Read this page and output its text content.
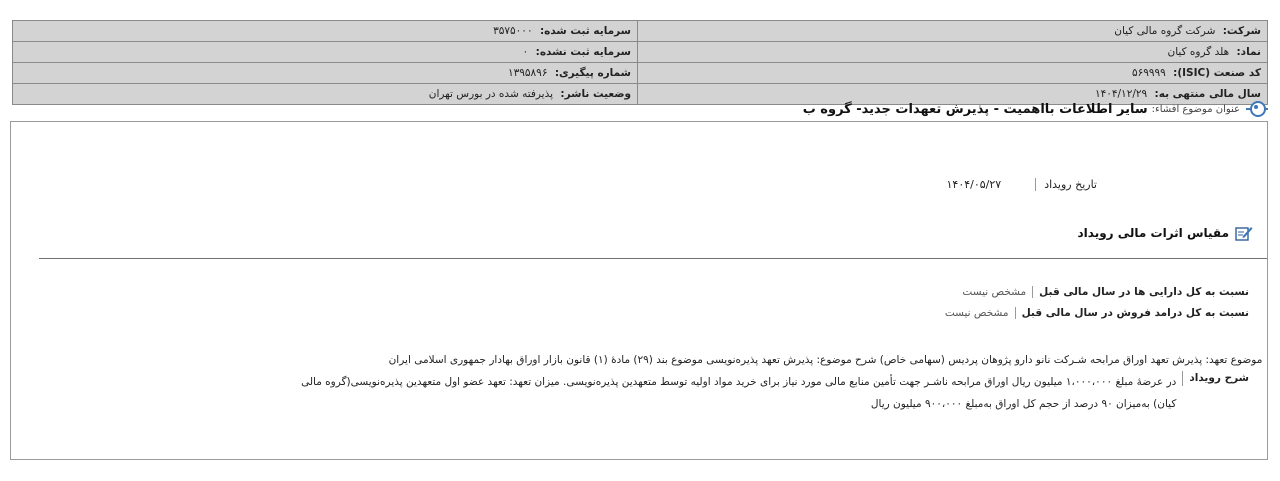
شرکت: شرکت گروه مالی کیان	سرمایه ثبت شده: ۳۵۷۵۰۰۰
نماد: هلد گروه کیان	سرمایه ثبت نشده: ۰
کد صنعت (ISIC): ۵۶۹۹۹۹	شماره پیگیری: ۱۳۹۵۸۹۶
سال مالی منتهی به: ۱۴۰۴/۱۲/۲۹	وضعیت ناشر: پذیرفته شده در بورس تهران
عنوان موضوع افشاء:
سایر اطلاعات بااهمیت - پذیرش تعهدات جدید- گروه ب
تاریخ رویداد
۱۴۰۴/۰۵/۲۷
مقیاس اثرات مالی رویداد
نسبت به کل دارایی ها در سال مالی قبل
مشخص نیست
نسبت به کل درامد فروش در سال مالی قبل
مشخص نیست
شرح رویداد
موضوع تعهد: پذیرش تعهد اوراق مرابحه شـرکت نانو دارو پژوهان پردیس (سهامی خاص) شرح موضوع: پذیرش تعهد پذیره‌نویسی موضوع بند (۲۹) مادهٔ (۱) قانون بازار اوراق بهادار جمهوری اسلامی ایران
در عرضهٔ مبلغ ۱،۰۰۰،۰۰۰ میلیون ریال اوراق مرابحه ناشـر جهت تأمین منابع مالی مورد نیاز برای خرید مواد اولیه توسط متعهدین پذیره‌نویسی. میزان تعهد: تعهد عضو اول متعهدین پذیره‌نویسی(گروه مالی
کیان) به‌میزان ۹۰ درصد از حجم کل اوراق به‌مبلغ ۹۰۰،۰۰۰ میلیون ریال
